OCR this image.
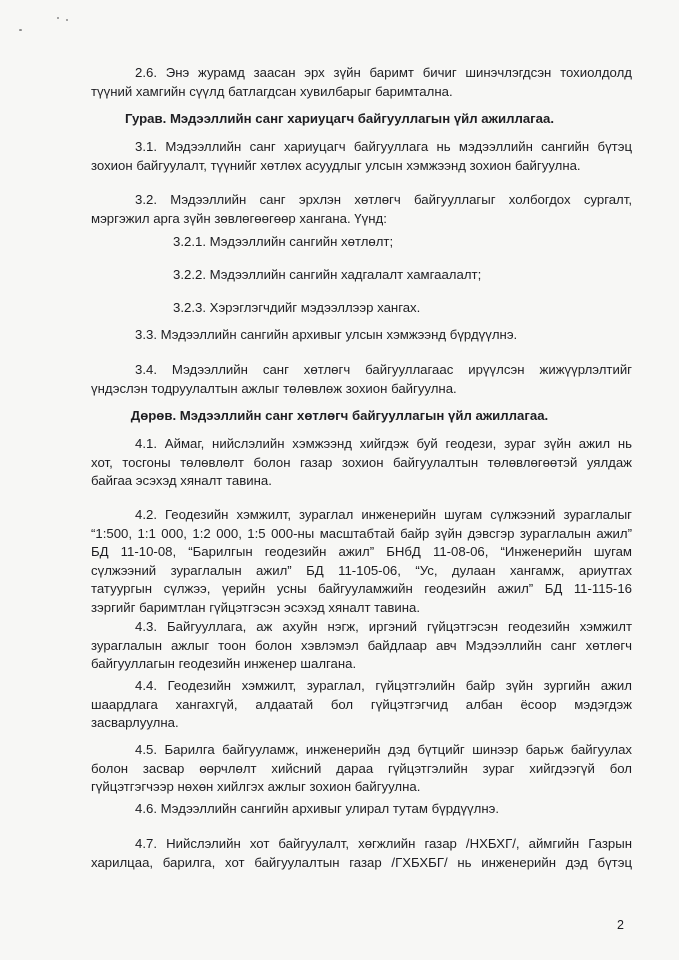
2.6. Энэ журамд заасан эрх зүйн баримт бичиг шинэчлэгдсэн тохиолдолд
түүний хамгийн сүүлд батлагдсан хувилбарыг баримтална.

Гурав. Мэдээллийн санг хариуцагч байгууллагын үйл ажиллагаа.

3.1. Мэдээллийн санг хариуцагч байгууллага нь мэдээллийн сангийн бүтэц
зохион байгуулалт, түүнийг хөтлөх асуудлыг улсын хэмжээнд зохион байгуулна.
3.2. Мэдээллийн санг эрхлэн хөтлөгч байгууллагыг холбогдох сургалт,
мэргэжил арга зүйн зөвлөгөөгөөр хангана. Үүнд:

3.2.1. Мэдээллийн сангийн хөтлөлт;

3.2.2. Мэдээллийн сангийн хадгалалт хамгаалалт;

3.2.3. Хэрэглэгчдийг мэдээллээр хангах.

3.3. Мэдээллийн сангийн архивыг улсын хэмжээнд бүрдүүлнэ.

3.4. Мэдээллийн санг хөтлөгч байгууллагаас ирүүлсэн жижүүрлэлтийг
үндэслэн тодруулалтын ажлыг төлөвлөж зохион байгуулна.

Дөрөв. Мэдээллийн санг хөтлөгч байгууллагын үйл ажиллагаа.

4.1. Аймаг, нийслэлийн хэмжээнд хийгдэж буй геодези, зураг зүйн ажил нь
хот, тосгоны төлөвлөлт болон газар зохион байгуулалтын төлөвлөгөөтэй уялдаж
байгаа эсэхэд хяналт тавина.
4.2. Геодезийн хэмжилт, зураглал инженерийн шугам сүлжээний зураглалыг
“1:500, 1:1 000, 1:2 000, 1:5 000-ны масштабтай байр зүйн дэвсгэр зураглалын ажил”
БД 11-10-08, “Барилгын геодезийн ажил” БНбД 11-08-06, “Инженерийн шугам
сүлжээний зураглалын ажил” БД 11-105-06, “Ус, дулаан хангамж, ариутгах
татуургын сүлжээ, үерийн усны байгууламжийн геодезийн ажил” БД 11-115-16
зэргийг баримтлан гүйцэтгэсэн эсэхэд хяналт тавина.
4.3. Байгууллага, аж ахуйн нэгж, иргэний гүйцэтгэсэн геодезийн хэмжилт
зураглалын ажлыг тоон болон хэвлэмэл байдлаар авч Мэдээллийн санг хөтлөгч
байгууллагын геодезийн инженер шалгана.
4.4. Геодезийн хэмжилт, зураглал, гүйцэтгэлийн байр зүйн зургийн ажил
шаардлага хангахгүй, алдаатай бол гүйцэтгэгчид албан ёсоор мэдэгдэж
засварлуулна.
4.5. Барилга байгууламж, инженерийн дэд бүтцийг шинээр барьж байгуулах
болон засвар өөрчлөлт хийсний дараа гүйцэтгэлийн зураг хийгдээгүй бол
гүйцэтгэгчээр нөхөн хийлгэх ажлыг зохион байгуулна.

4.6. Мэдээллийн сангийн архивыг улирал тутам бүрдүүлнэ.

4.7. Нийслэлийн хот байгуулалт, хөгжлийн газар /НХБХГ/, аймгийн Газрын
харилцаа, барилга, хот байгуулалтын газар /ГХБХБГ/ нь инженерийн дэд бүтэц

2
